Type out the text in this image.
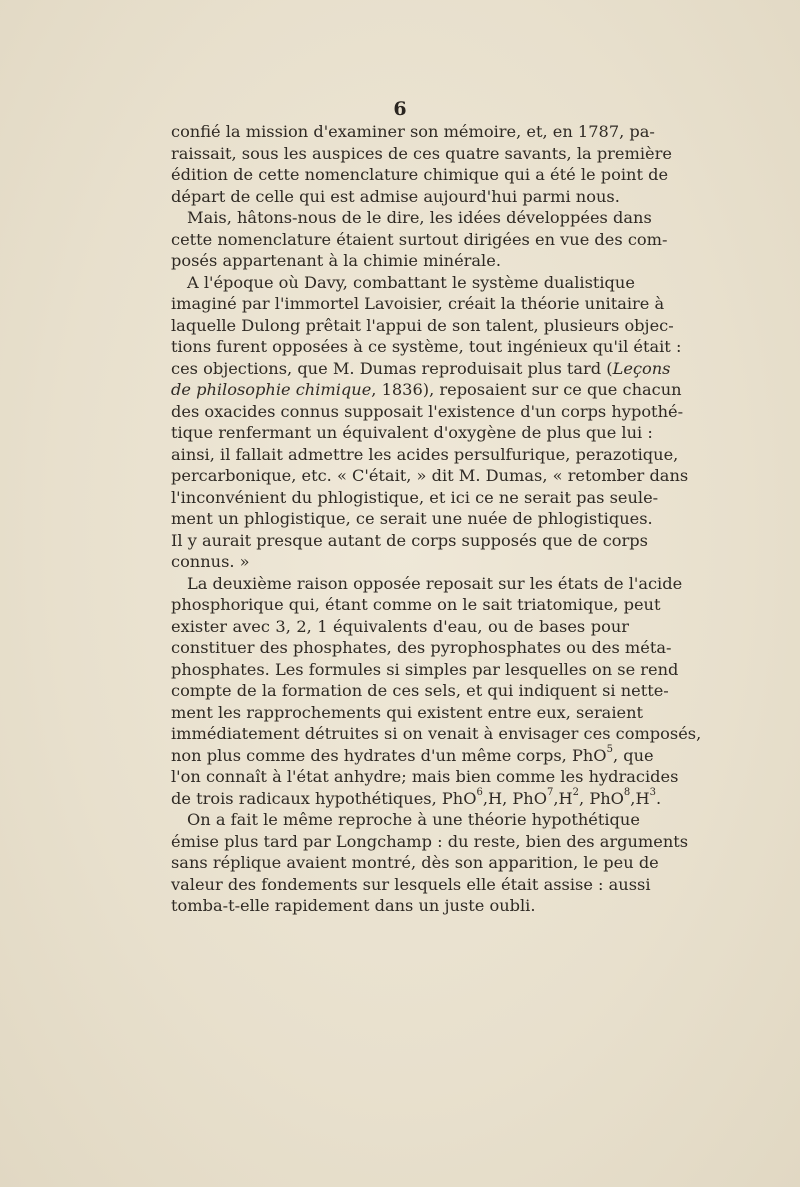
6
confié la mission d'examiner son mémoire, et, en 1787, pa-
raissait, sous les auspices de ces quatre savants, la première
édition de cette nomenclature chimique qui a été le point de
départ de celle qui est admise aujourd'hui parmi nous.
Mais, hâtons-nous de le dire, les idées développées dans
cette nomenclature étaient surtout dirigées en vue des com-
posés appartenant à la chimie minérale.
A l'époque où Davy, combattant le système dualistique
imaginé par l'immortel Lavoisier, créait la théorie unitaire à
laquelle Dulong prêtait l'appui de son talent, plusieurs objec-
tions furent opposées à ce système, tout ingénieux qu'il était :
ces objections, que M. Dumas reproduisait plus tard (Leçons
de philosophie chimique, 1836), reposaient sur ce que chacun
des oxacides connus supposait l'existence d'un corps hypothé-
tique renfermant un équivalent d'oxygène de plus que lui :
ainsi, il fallait admettre les acides persulfurique, perazotique,
percarbonique, etc. « C'était, » dit M. Dumas, « retomber dans
l'inconvénient du phlogistique, et ici ce ne serait pas seule-
ment un phlogistique, ce serait une nuée de phlogistiques.
Il y aurait presque autant de corps supposés que de corps
connus. »
La deuxième raison opposée reposait sur les états de l'acide
phosphorique qui, étant comme on le sait triatomique, peut
exister avec 3, 2, 1 équivalents d'eau, ou de bases pour
constituer des phosphates, des pyrophosphates ou des méta-
phosphates. Les formules si simples par lesquelles on se rend
compte de la formation de ces sels, et qui indiquent si nette-
ment les rapprochements qui existent entre eux, seraient
immédiatement détruites si on venait à envisager ces composés,
non plus comme des hydrates d'un même corps, PhO$^5$, que
l'on connaît à l'état anhydre; mais bien comme les hydracides
de trois radicaux hypothétiques, PhO$^6$,H, $PhO^7,H^2$, $PhO^8,H^3$.
On a fait le même reproche à une théorie hypothétique
émise plus tard par Longchamp : du reste, bien des arguments
sans réplique avaient montré, dès son apparition, le peu de
valeur des fondements sur lesquels elle était assise : aussi
tomba-t-elle rapidement dans un juste oubli.
